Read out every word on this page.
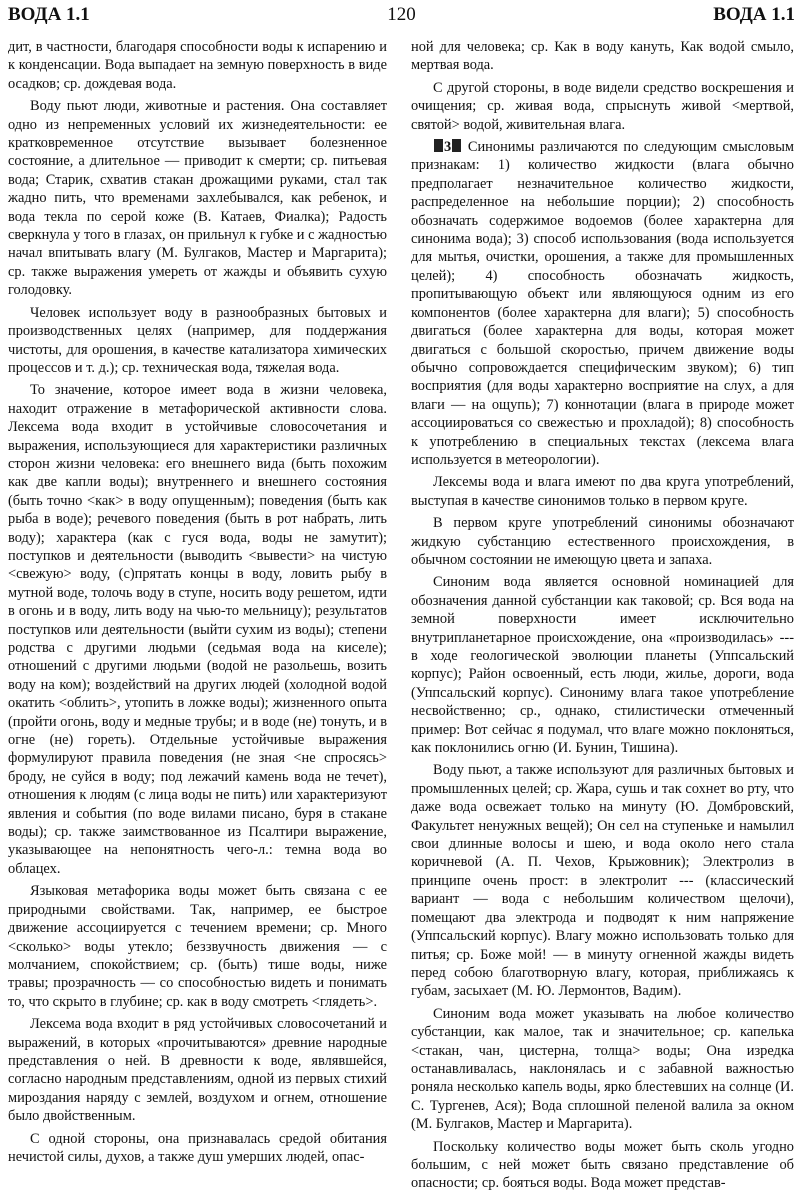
ВОДА 1.1	120	ВОДА 1.1

дит, в частности, благодаря способности воды к испарению и к конденсации. Вода выпадает на земную поверхность в виде осадков; ср. дождевая вода.

Воду пьют люди, животные и растения. Она составляет одно из непременных условий их жизнедеятельности: ее кратковременное отсутствие вызывает болезненное состояние, а длительное — приводит к смерти; ср. питьевая вода; Старик, схватив стакан дрожащими руками, стал так жадно пить, что временами захлебывался, как ребенок, и вода текла по серой коже (В. Катаев, Фиалка); Радость сверкнула у того в глазах, он прильнул к губке и с жадностью начал впитывать влагу (М. Булгаков, Мастер и Маргарита); ср. также выражения умереть от жажды и объявить сухую голодовку.

Человек использует воду в разнообразных бытовых и производственных целях (например, для поддержания чистоты, для орошения, в качестве катализатора химических процессов и т. д.); ср. техническая вода, тяжелая вода.

То значение, которое имеет вода в жизни человека, находит отражение в метафорической активности слова. Лексема вода входит в устойчивые словосочетания и выражения, использующиеся для характеристики различных сторон жизни человека: его внешнего вида (быть похожим как две капли воды); внутреннего и внешнего состояния (быть точно <как> в воду опущенным); поведения (быть как рыба в воде); речевого поведения (быть в рот набрать, лить воду); характера (как с гуся вода, воды не замутит); поступков и деятельности (выводить <вывести> на чистую <свежую> воду, (с)прятать концы в воду, ловить рыбу в мутной воде, толочь воду в ступе, носить воду решетом, идти в огонь и в воду, лить воду на чью-то мельницу); результатов поступков или деятельности (выйти сухим из воды); степени родства с другими людьми (седьмая вода на киселе); отношений с другими людьми (водой не разольешь, возить воду на ком); воздействий на других людей (холодной водой окатить <облить>, утопить в ложке воды); жизненного опыта (пройти огонь, воду и медные трубы; и в воде (не) тонуть, и в огне (не) гореть). Отдельные устойчивые выражения формулируют правила поведения (не зная <не спросясь> броду, не суйся в воду; под лежачий камень вода не течет), отношения к людям (с лица воды не пить) или характеризуют явления и события (по воде вилами писано, буря в стакане воды); ср. также заимствованное из Псалтири выражение, указывающее на непонятность чего-л.: темна вода во облацех.

Языковая метафорика воды может быть связана с ее природными свойствами. Так, например, ее быстрое движение ассоциируется с течением времени; ср. Много <сколько> воды утекло; беззвучность движения — с молчанием, спокойствием; ср. (быть) тише воды, ниже травы; прозрачность — со способностью видеть и понимать то, что скрыто в глубине; ср. как в воду смотреть <глядеть>.

Лексема вода входит в ряд устойчивых словосочетаний и выражений, в которых «прочитываются» древние народные представления о ней. В древности к воде, являвшейся, согласно народным представлениям, одной из первых стихий мироздания наряду с землей, воздухом и огнем, отношение было двойственным.

С одной стороны, она признавалась средой обитания нечистой силы, духов, а также душ умерших людей, опас-

ной для человека; ср. Как в воду кануть, Как водой смыло, мертвая вода.

С другой стороны, в воде видели средство воскрешения и очищения; ср. живая вода, спрыснуть живой <мертвой, святой> водой, живительная влага.

3 Синонимы различаются по следующим смысловым признакам: 1) количество жидкости (влага обычно предполагает незначительное количество жидкости, распределенное на небольшие порции); 2) способность обозначать содержимое водоемов (более характерна для синонима вода); 3) способ использования (вода используется для мытья, очистки, орошения, а также для промышленных целей); 4) способность обозначать жидкость, пропитывающую объект или являющуюся одним из его компонентов (более характерна для влаги); 5) способность двигаться (более характерна для воды, которая может двигаться с большой скоростью, причем движение воды обычно сопровождается специфическим звуком); 6) тип восприятия (для воды характерно восприятие на слух, а для влаги — на ощупь); 7) коннотации (влага в природе может ассоциироваться со свежестью и прохладой); 8) способность к употреблению в специальных текстах (лексема влага используется в метеорологии).

Лексемы вода и влага имеют по два круга употреблений, выступая в качестве синонимов только в первом круге.

В первом круге употреблений синонимы обозначают жидкую субстанцию естественного происхождения, в обычном состоянии не имеющую цвета и запаха.

Синоним вода является основной номинацией для обозначения данной субстанции как таковой; ср. Вся вода на земной поверхности имеет исключительно внутрипланетарное происхождение, она «производилась» --- в ходе геологической эволюции планеты (Уппсальский корпус); Район освоенный, есть люди, жилье, дороги, вода (Уппсальский корпус). Синониму влага такое употребление несвойственно; ср., однако, стилистически отмеченный пример: Вот сейчас я подумал, что влаге можно поклоняться, как поклонились огню (И. Бунин, Тишина).

Воду пьют, а также используют для различных бытовых и промышленных целей; ср. Жара, сушь и так сохнет во рту, что даже вода освежает только на минуту (Ю. Домбровский, Факультет ненужных вещей); Он сел на ступеньке и намылил свои длинные волосы и шею, и вода около него стала коричневой (А. П. Чехов, Крыжовник); Электролиз в принципе очень прост: в электролит --- (классический вариант — вода с небольшим количеством щелочи), помещают два электрода и подводят к ним напряжение (Уппсальский корпус). Влагу можно использовать только для питья; ср. Боже мой! — в минуту огненной жажды видеть перед собою благотворную влагу, которая, приближаясь к губам, засыхает (М. Ю. Лермонтов, Вадим).

Синоним вода может указывать на любое количество субстанции, как малое, так и значительное; ср. капелька <стакан, чан, цистерна, толща> воды; Она изредка останавливалась, наклонялась и с забавной важностью роняла несколько капель воды, ярко блестевших на солнце (И. С. Тургенев, Ася); Вода сплошной пеленой валила за окном (М. Булгаков, Мастер и Маргарита).

Поскольку количество воды может быть сколь угодно большим, с ней может быть связано представление об опасности; ср. бояться воды. Вода может представ-
